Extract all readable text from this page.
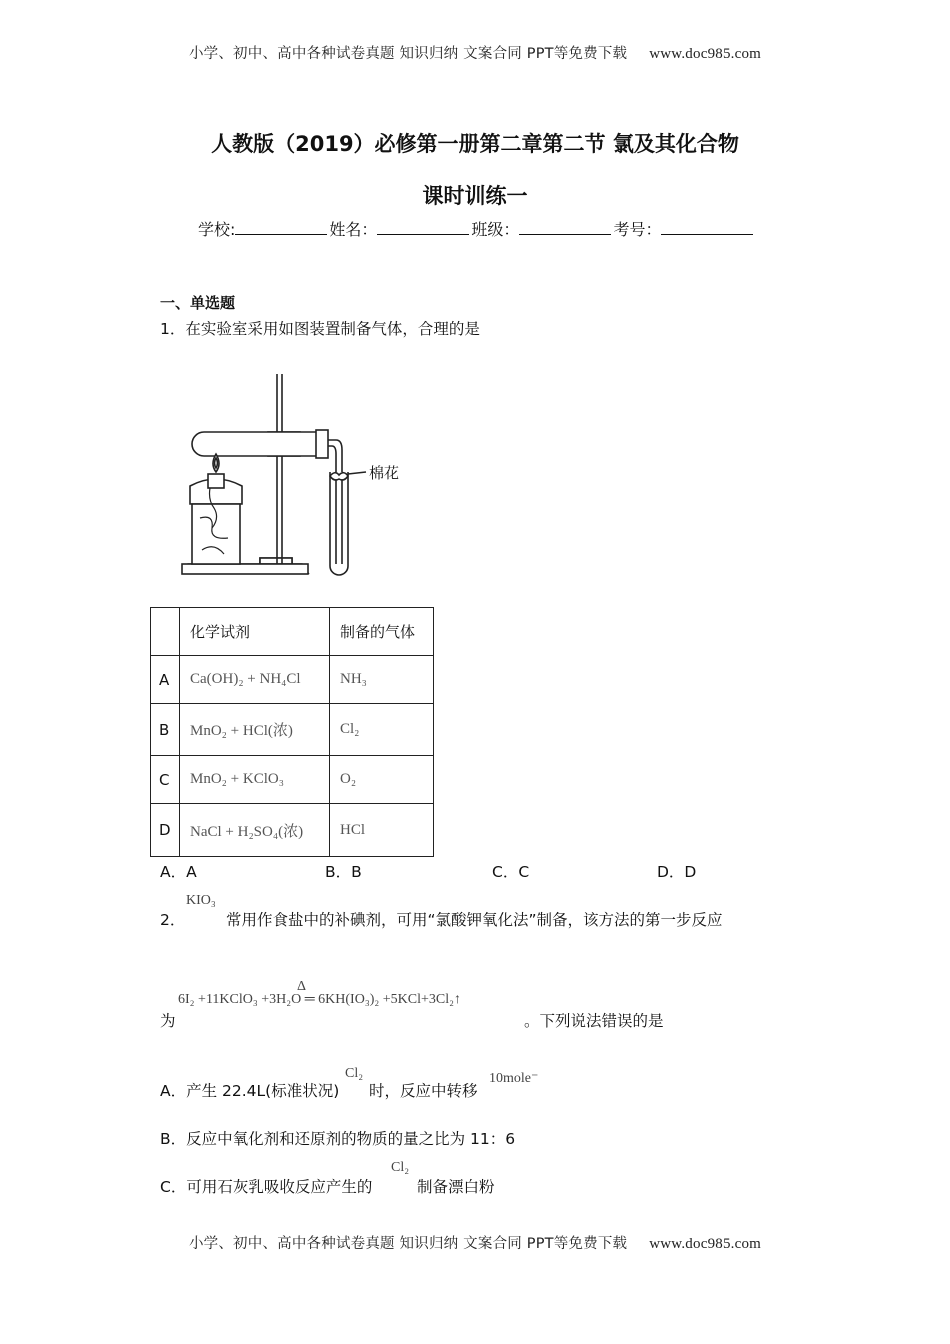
小学、初中、高中各种试卷真题 知识归纳 文案合同 PPT等免费下载 www.doc985.com
人教版（2019）必修第一册第二章第二节 氯及其化合物
课时训练一
学校:	姓名：	班级：	考号：
一、单选题
1．在实验室采用如图装置制备气体，合理的是
棉花
	化学试剂	制备的气体
A	Ca(OH)₂ + NH₄Cl	NH₃
B	MnO₂ + HCl(浓)	Cl₂
C	MnO₂ + KClO₃	O₂
D	NaCl + H₂SO₄(浓)	HCl
A．A	B．B	C．C	D．D
2．
KIO₃
常用作食盐中的补碘剂，可用“氯酸钾氧化法”制备，该方法的第一步反应
为
Δ
6I₂ +11KClO₃ +3H₂O ═ 6KH(IO₃)₂ +5KCl+3Cl₂↑
。下列说法错误的是
A．产生 22.4L(标准状况)
Cl₂
时，反应中转移
10mole⁻
B．反应中氧化剂和还原剂的物质的量之比为 11：6
C．可用石灰乳吸收反应产生的
Cl₂
制备漂白粉
小学、初中、高中各种试卷真题 知识归纳 文案合同 PPT等免费下载 www.doc985.com
